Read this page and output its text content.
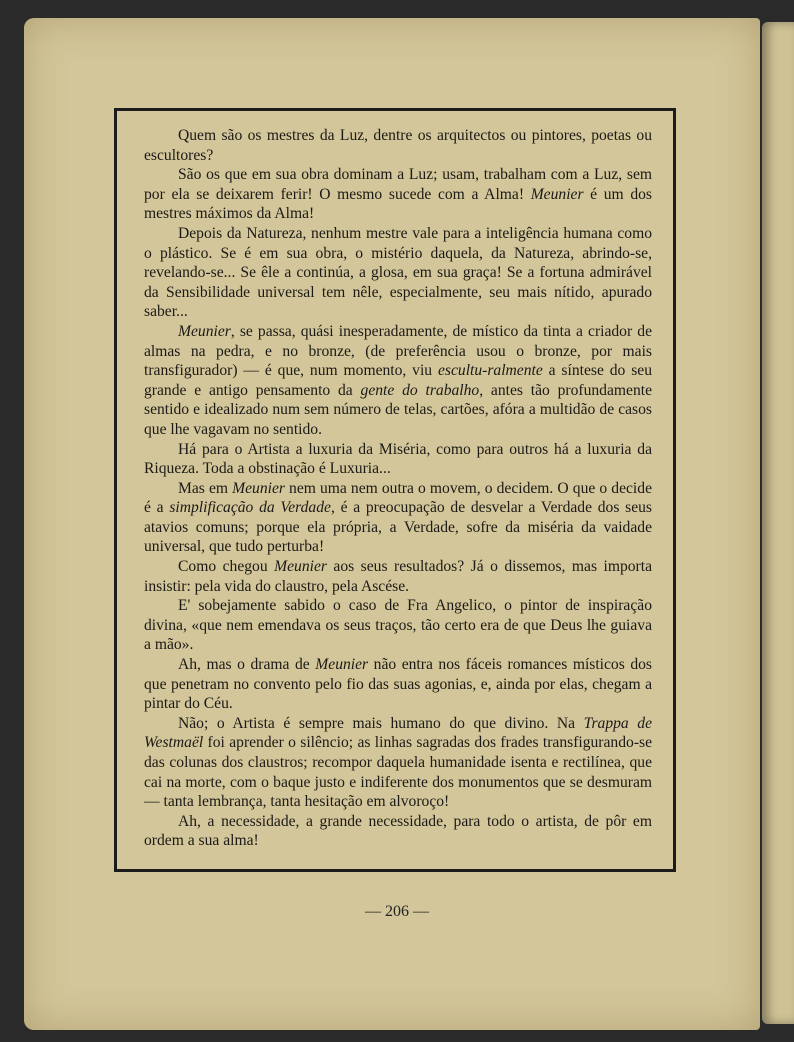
Quem são os mestres da Luz, dentre os arquitectos ou pintores, poetas ou escultores?

São os que em sua obra dominam a Luz; usam, trabalham com a Luz, sem por ela se deixarem ferir! O mesmo sucede com a Alma! Meunier é um dos mestres máximos da Alma!

Depois da Natureza, nenhum mestre vale para a inteligência humana como o plástico. Se é em sua obra, o mistério daquela, da Natureza, abrindo-se, revelando-se... Se êle a continúa, a glosa, em sua graça! Se a fortuna admirável da Sensibilidade universal tem nêle, especialmente, seu mais nítido, apurado saber...

Meunier, se passa, quási inesperadamente, de místico da tinta a criador de almas na pedra, e no bronze, (de preferência usou o bronze, por mais transfigurador) — é que, num momento, viu escultu-ralmente a síntese do seu grande e antigo pensamento da gente do trabalho, antes tão profundamente sentido e idealizado num sem número de telas, cartões, afóra a multidão de casos que lhe vagavam no sentido.

Há para o Artista a luxuria da Miséria, como para outros há a luxuria da Riqueza. Toda a obstinação é Luxuria...

Mas em Meunier nem uma nem outra o movem, o decidem. O que o decide é a simplificação da Verdade, é a preocupação de desvelar a Verdade dos seus atavios comuns; porque ela própria, a Verdade, sofre da miséria da vaidade universal, que tudo perturba!

Como chegou Meunier aos seus resultados? Já o dissemos, mas importa insistir: pela vida do claustro, pela Ascése.

E' sobejamente sabido o caso de Fra Angelico, o pintor de inspiração divina, «que nem emendava os seus traços, tão certo era de que Deus lhe guiava a mão».

Ah, mas o drama de Meunier não entra nos fáceis romances místicos dos que penetram no convento pelo fio das suas agonias, e, ainda por elas, chegam a pintar do Céu.

Não; o Artista é sempre mais humano do que divino. Na Trappa de Westmaël foi aprender o silêncio; as linhas sagradas dos frades transfigurando-se das colunas dos claustros; recompor daquela humanidade isenta e rectilínea, que cai na morte, com o baque justo e indiferente dos monumentos que se desmuram — tanta lembrança, tanta hesitação em alvoroço!

Ah, a necessidade, a grande necessidade, para todo o artista, de pôr em ordem a sua alma!

— 206 —
